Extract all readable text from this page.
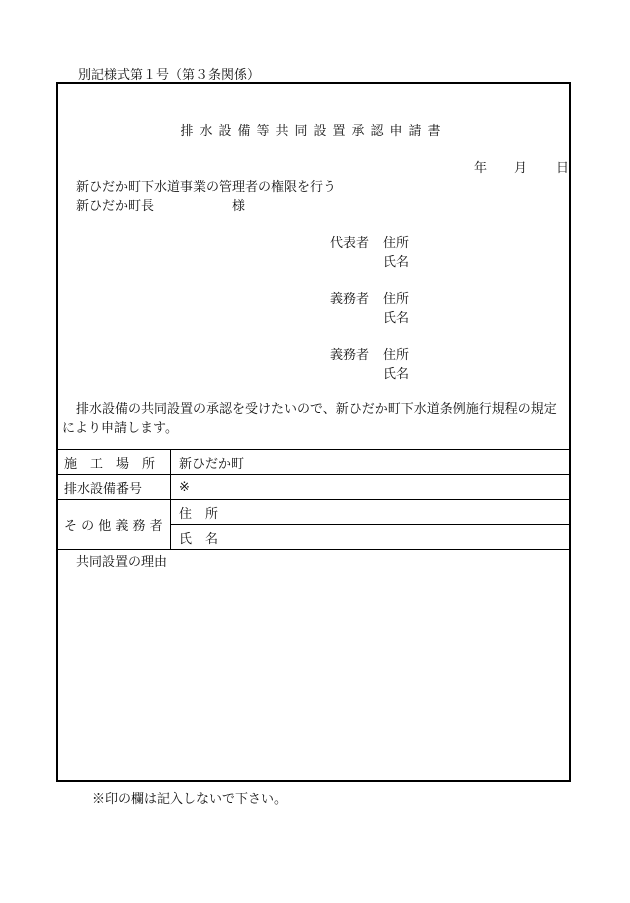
別記様式第１号（第３条関係）
排水設備等共同設置承認申請書
年 月 日
新ひだか町下水道事業の管理者の権限を行う
新ひだか町長　　　　　　様
代表者 住所
氏名
義務者 住所
氏名
義務者 住所
氏名
排水設備の共同設置の承認を受けたいので、新ひだか町下水道条例施行規程の規定により申請します。
施　工　場　所	新ひだか町
排水設備番号	※
そ の 他 義 務 者	住　所
	氏　名

共同設置の理由
※印の欄は記入しないで下さい。
